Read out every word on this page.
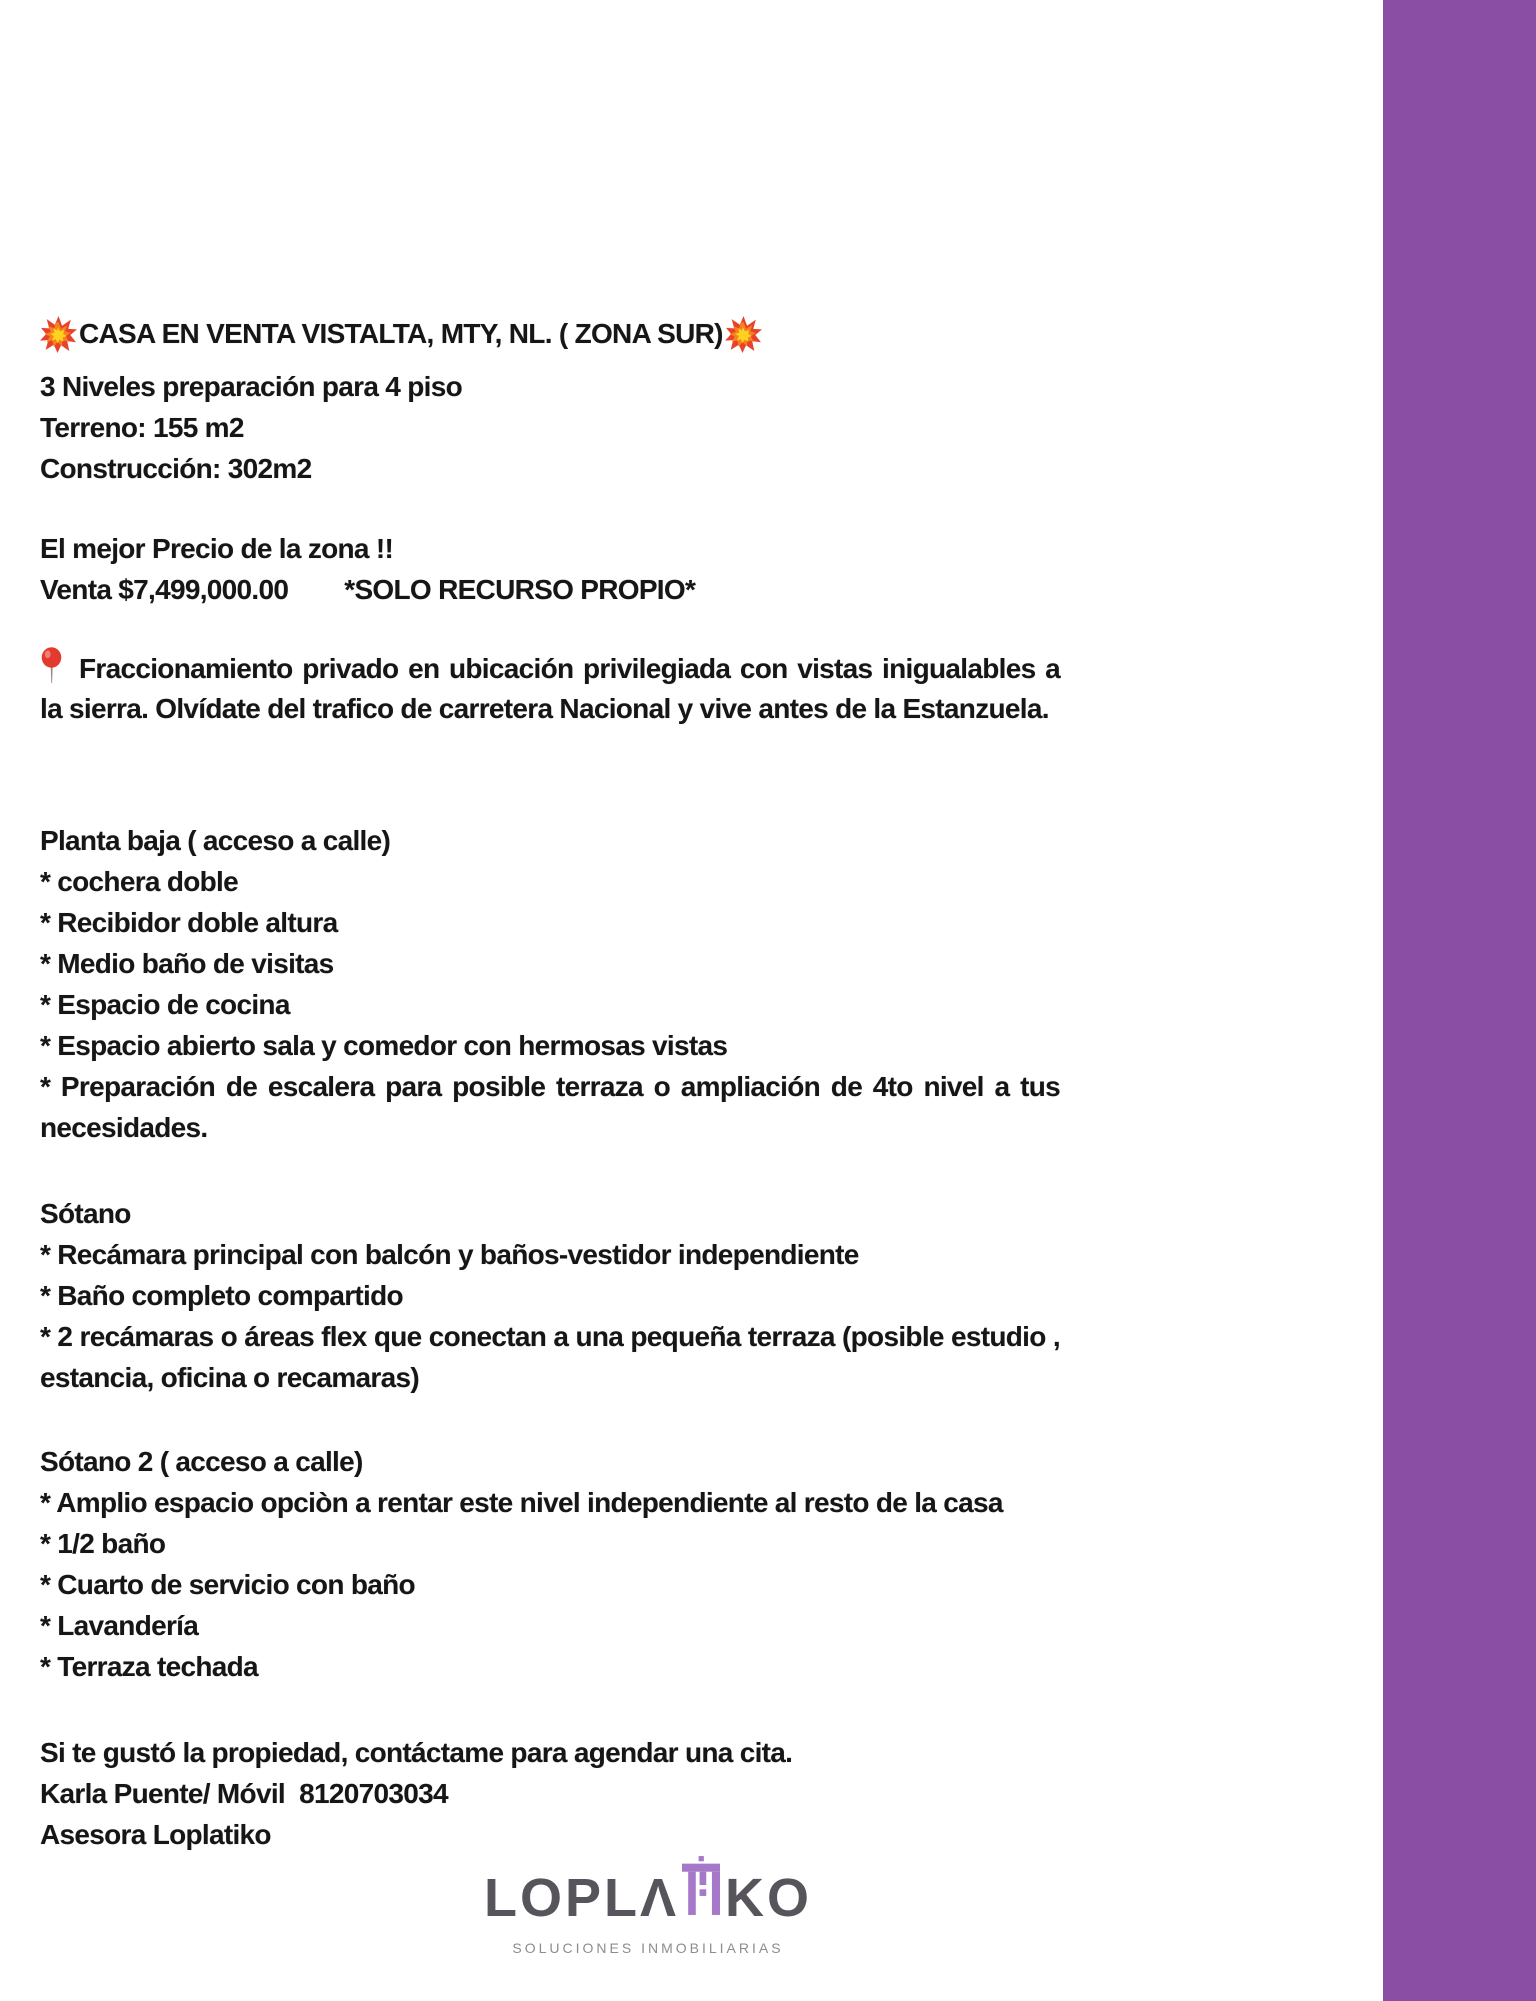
CASA EN VENTA VISTALTA, MTY, NL. ( ZONA SUR)
3 Niveles preparación para 4 piso
Terreno: 155 m2
Construcción: 302m2
El mejor Precio de la zona !!
Venta $7,499,000.00 *SOLO RECURSO PROPIO*
Fraccionamiento privado en ubicación privilegiada con vistas inigualables a
la sierra. Olvídate del trafico de carretera Nacional y vive antes de la Estanzuela.
Planta baja ( acceso a calle)
* cochera doble
* Recibidor doble altura
* Medio baño de visitas
* Espacio de cocina
* Espacio abierto sala y comedor con hermosas vistas
* Preparación de escalera para posible terraza o ampliación de 4to nivel a tus
necesidades.
Sótano
* Recámara principal con balcón y baños-vestidor independiente
* Baño completo compartido
* 2 recámaras o áreas flex que conectan a una pequeña terraza (posible estudio ,
estancia, oficina o recamaras)
Sótano 2 ( acceso a calle)
* Amplio espacio opciòn a rentar este nivel independiente al resto de la casa
* 1/2 baño
* Cuarto de servicio con baño
* Lavandería
* Terraza techada
Si te gustó la propiedad, contáctame para agendar una cita.
Karla Puente/ Móvil  8120703034
Asesora Loplatiko
LOPLΛ KO
SOLUCIONES INMOBILIARIAS
